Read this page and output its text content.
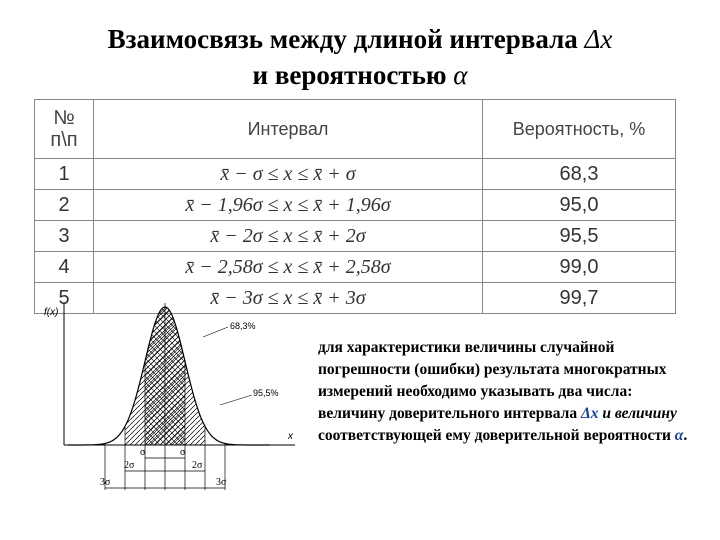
Взаимосвязь между длиной интервала Δx
и вероятностью α
№
п\п	Интервал	Вероятность, %
1	x̄ − σ ≤ x ≤ x̄ + σ	68,3
2	x̄ − 1,96σ ≤ x ≤ x̄ + 1,96σ	95,0
3	x̄ − 2σ ≤ x ≤ x̄ + 2σ	95,5
4	x̄ − 2,58σ ≤ x ≤ x̄ + 2,58σ	99,0
5	x̄ − 3σ ≤ x ≤ x̄ + 3σ	99,7
f(x)
x
68,3%
95,5%
σ	σ
2σ	2σ
3σ	3σ
для характеристики величины случайной погрешности (ошибки) результата многократных измерений необходимо указывать два числа: величину доверительного интервала Δx и величину соответствующей ему доверительной вероятности α.
